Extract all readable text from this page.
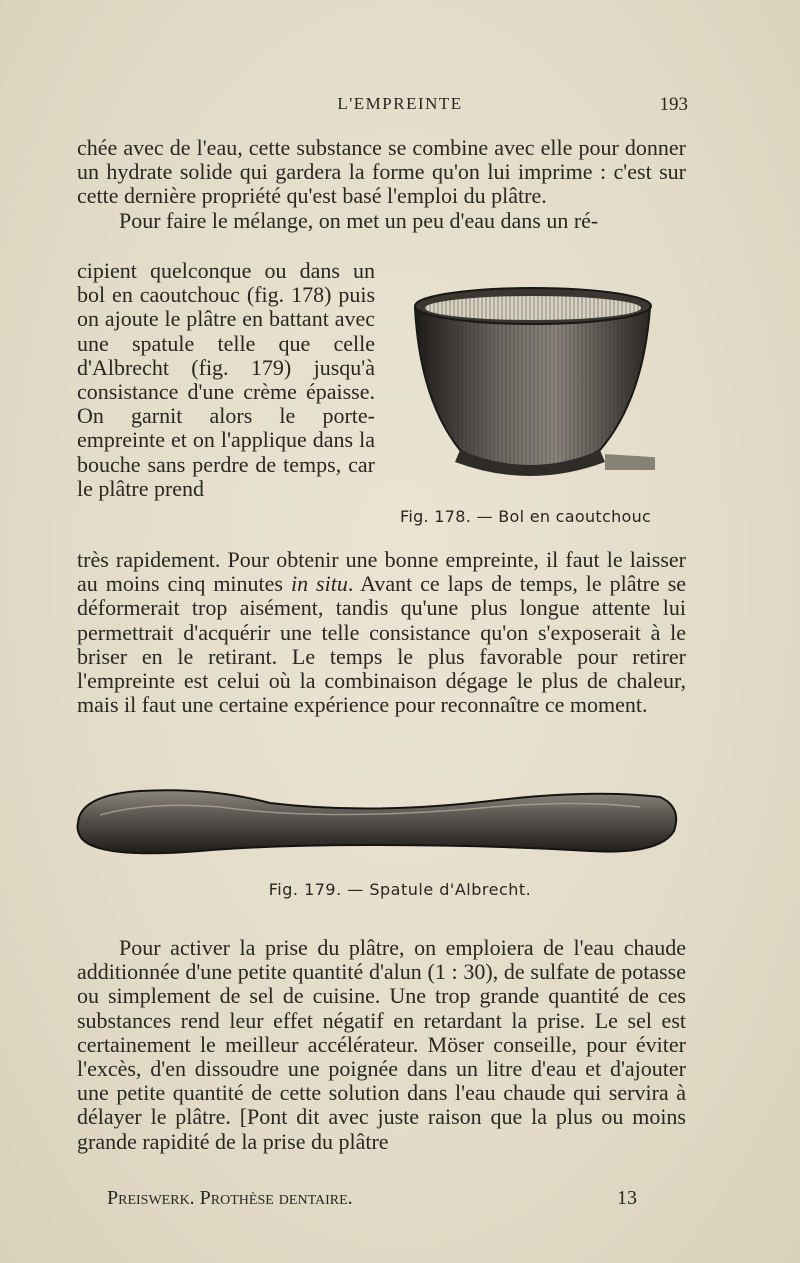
L'EMPREINTE	193

chée avec de l'eau, cette substance se combine avec elle pour donner un hydrate solide qui gardera la forme qu'on lui imprime : c'est sur cette dernière propriété qu'est basé l'emploi du plâtre.

Pour faire le mélange, on met un peu d'eau dans un ré-

cipient quelconque ou dans un bol en caoutchouc (fig. 178) puis on ajoute le plâtre en battant avec une spatule telle que celle d'Albrecht (fig. 179) jusqu'à consistance d'une crème épaisse. On garnit alors le porte-empreinte et on l'applique dans la bouche sans perdre de temps, car le plâtre prend
Fig. 178. — Bol en caoutchouc

très rapidement. Pour obtenir une bonne empreinte, il faut le laisser au moins cinq minutes in situ. Avant ce laps de temps, le plâtre se déformerait trop aisément, tandis qu'une plus longue attente lui permettrait d'acquérir une telle consistance qu'on s'exposerait à le briser en le retirant. Le temps le plus favorable pour retirer l'empreinte est celui où la combinaison dégage le plus de chaleur, mais il faut une certaine expérience pour reconnaître ce moment.

Fig. 179. — Spatule d'Albrecht.

Pour activer la prise du plâtre, on emploiera de l'eau chaude additionnée d'une petite quantité d'alun (1 : 30), de sulfate de potasse ou simplement de sel de cuisine. Une trop grande quantité de ces substances rend leur effet négatif en retardant la prise. Le sel est certainement le meilleur accélérateur. Möser conseille, pour éviter l'excès, d'en dissoudre une poignée dans un litre d'eau et d'ajouter une petite quantité de cette solution dans l'eau chaude qui servira à délayer le plâtre. [Pont dit avec juste raison que la plus ou moins grande rapidité de la prise du plâtre

Preiswerk. Prothèse dentaire.	13
